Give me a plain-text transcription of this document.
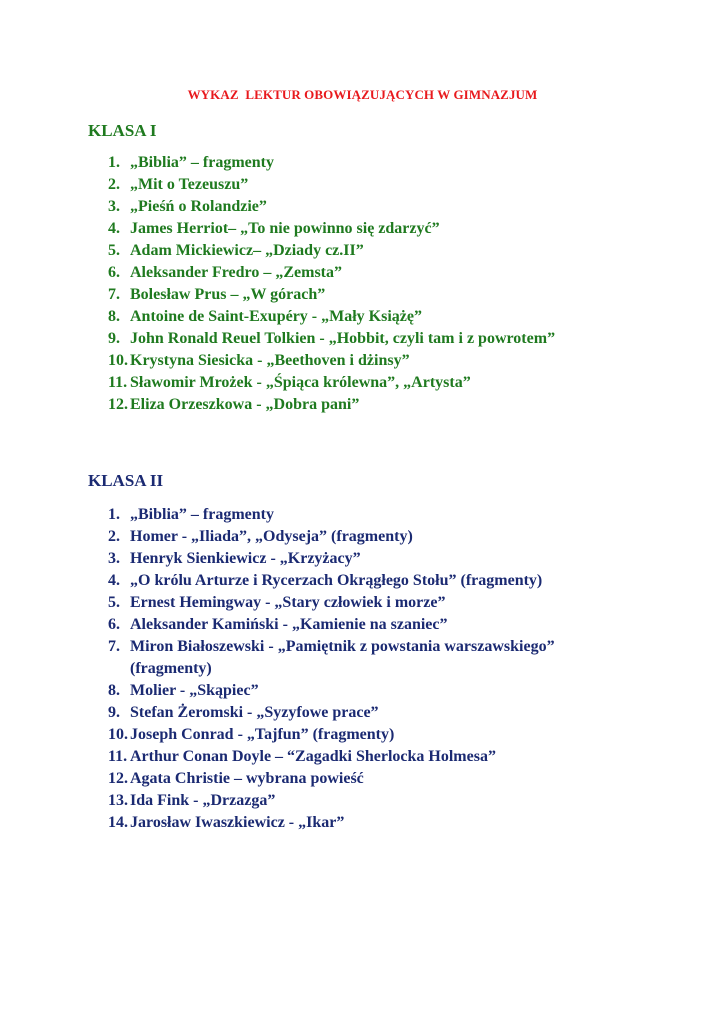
WYKAZ  LEKTUR OBOWIĄZUJĄCYCH W GIMNAZJUM
KLASA I
1. „Biblia” – fragmenty
2. „Mit o Tezeuszu”
3. „Pieśń o Rolandzie”
4. James Herriot– „To nie powinno się zdarzyć”
5. Adam Mickiewicz– „Dziady cz.II”
6. Aleksander Fredro – „Zemsta”
7. Bolesław Prus – „W górach”
8. Antoine de Saint-Exupéry - „Mały Książę”
9. John Ronald Reuel Tolkien - „Hobbit, czyli tam i z powrotem”
10. Krystyna Siesicka - „Beethoven i dżinsy”
11. Sławomir Mrożek - „Śpiąca królewna”, „Artysta”
12. Eliza Orzeszkowa - „Dobra pani”
KLASA II
1. „Biblia” – fragmenty
2. Homer - „Iliada”, „Odyseja” (fragmenty)
3. Henryk Sienkiewicz - „Krzyżacy”
4. „O królu Arturze i Rycerzach Okrągłego Stołu” (fragmenty)
5. Ernest Hemingway - „Stary człowiek i morze”
6. Aleksander Kamiński - „Kamienie na szaniec”
7. Miron Białoszewski - „Pamiętnik z powstania warszawskiego”
(fragmenty)
8. Molier - „Skąpiec”
9. Stefan Żeromski - „Syzyfowe prace”
10. Joseph Conrad - „Tajfun” (fragmenty)
11. Arthur Conan Doyle – “Zagadki Sherlocka Holmesa”
12. Agata Christie – wybrana powieść
13. Ida Fink - „Drzazga”
14. Jarosław Iwaszkiewicz - „Ikar”
